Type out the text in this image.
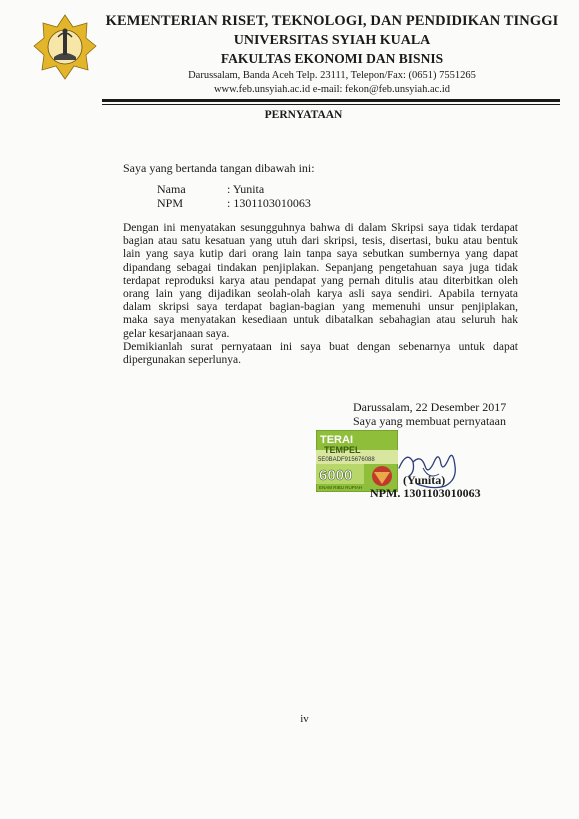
KEMENTERIAN RISET, TEKNOLOGI, DAN PENDIDIKAN TINGGI
UNIVERSITAS SYIAH KUALA
FAKULTAS EKONOMI DAN BISNIS
Darussalam, Banda Aceh Telp. 23111, Telepon/Fax: (0651) 7551265
www.feb.unsyiah.ac.id e-mail: fekon@feb.unsyiah.ac.id
PERNYATAAN
Saya yang bertanda tangan dibawah ini:
Nama	: Yunita
NPM	: 1301103010063
Dengan ini menyatakan sesungguhnya bahwa di dalam Skripsi saya tidak terdapat
bagian atau satu kesatuan yang utuh dari skripsi, tesis, disertasi, buku atau bentuk
lain yang saya kutip dari orang lain tanpa saya sebutkan sumbernya yang dapat
dipandang sebagai tindakan penjiplakan. Sepanjang pengetahuan saya juga tidak
terdapat reproduksi karya atau pendapat yang pernah ditulis atau diterbitkan oleh
orang lain yang dijadikan seolah-olah karya asli saya sendiri. Apabila ternyata
dalam skripsi saya terdapat bagian-bagian yang memenuhi unsur penjiplakan,
maka saya menyatakan kesediaan untuk dibatalkan sebahagian atau seluruh hak
gelar kesarjanaan saya.
Demikianlah surat pernyataan ini saya buat dengan sebenarnya untuk dapat
dipergunakan seperlunya.
Darussalam, 22 Desember 2017
Saya yang membuat pernyataan
TERAI
TEMPEL
5E0BADF915676088
6000
ENAM RIBU RUPIAH
(Yunita)
NPM. 1301103010063
iv
